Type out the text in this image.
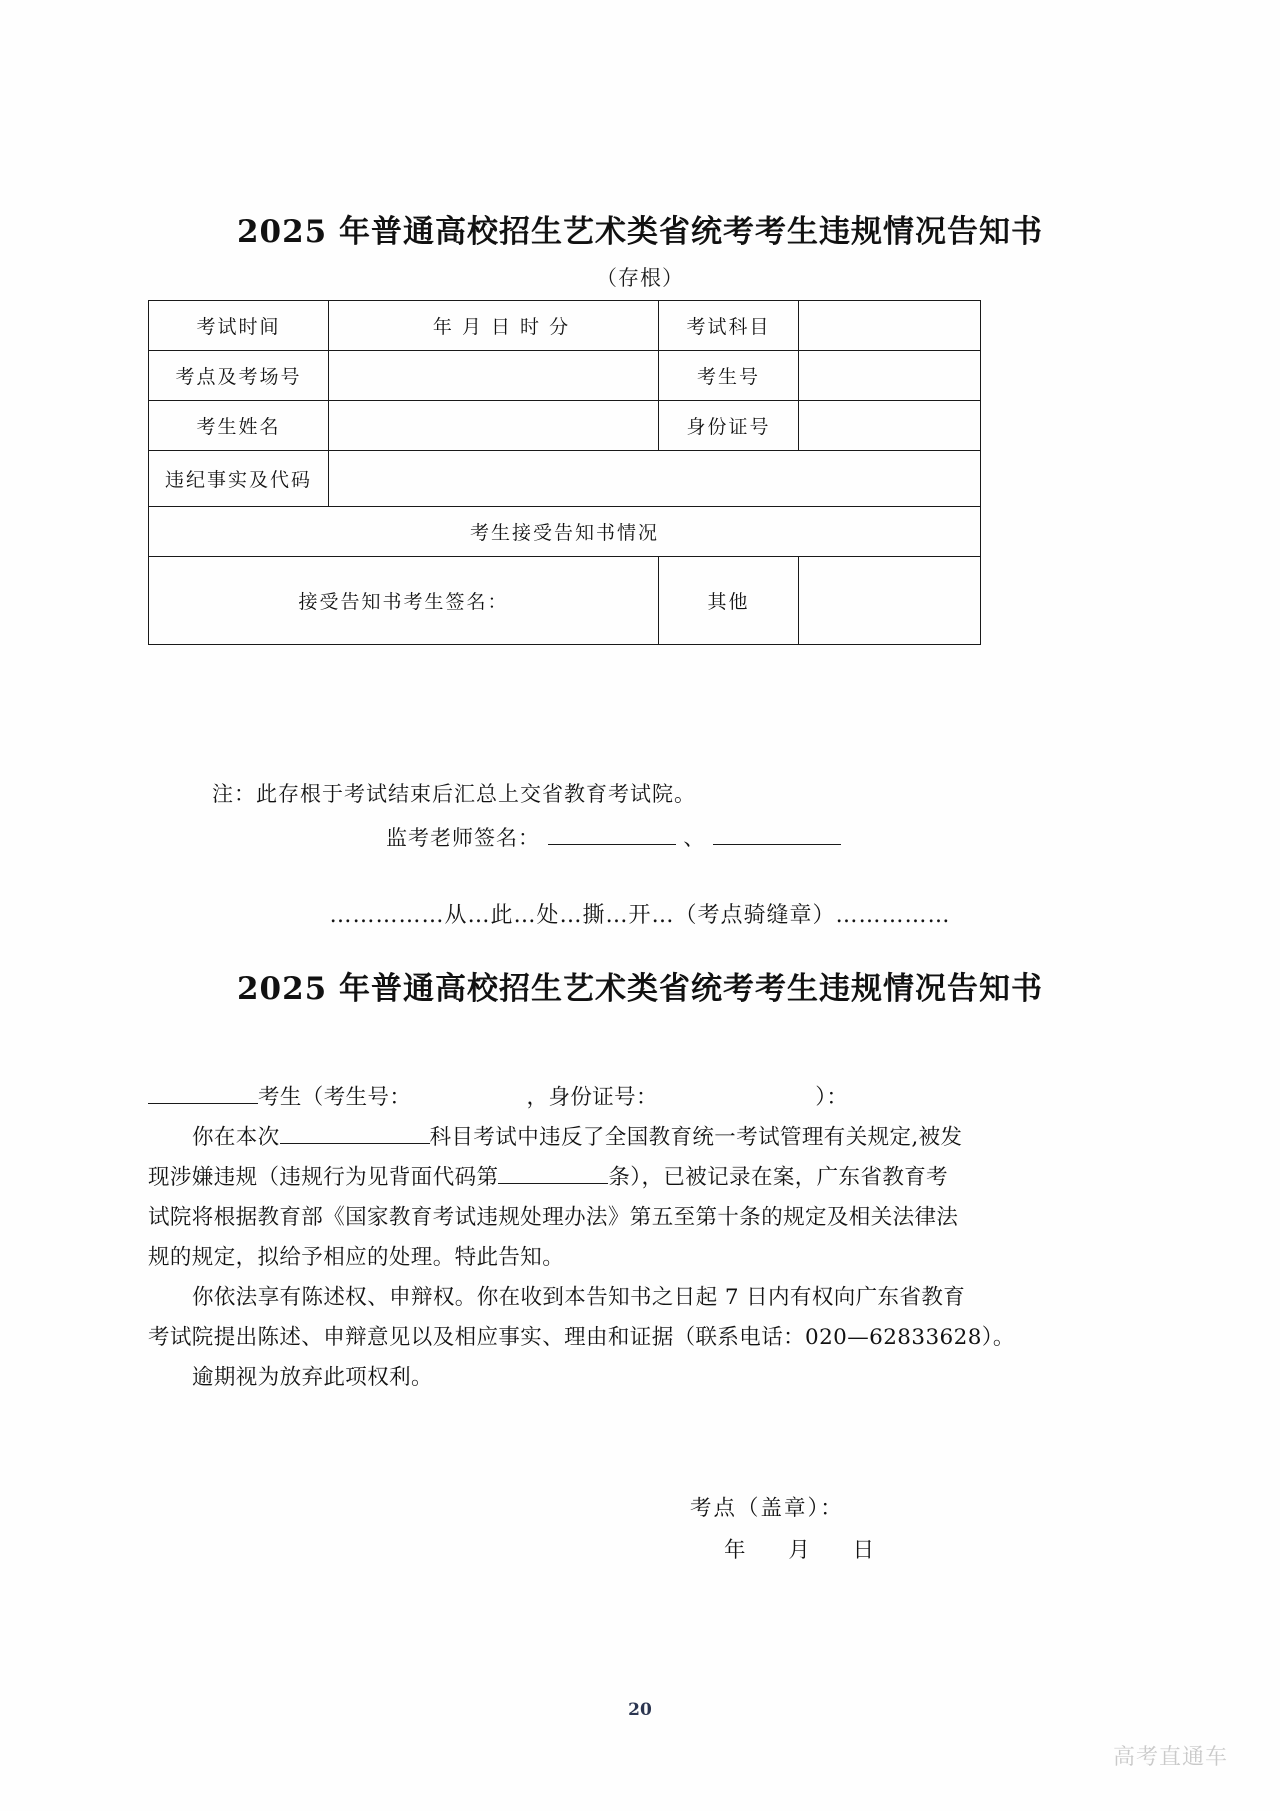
2025 年普通高校招生艺术类省统考考生违规情况告知书
（存根）
考试时间	年 月 日 时 分	考试科目	
考点及考场号		考生号	
考生姓名		身份证号	
违纪事实及代码			
考生接受告知书情况			
接受告知书考生签名：		其他	
注：此存根于考试结束后汇总上交省教育考试院。
监考老师签名：	、
……………从…此…处…撕…开…（考点骑缝章）……………
2025 年普通高校招生艺术类省统考考生违规情况告知书
考生（考生号：	，身份证号：	）：
你在本次	科目考试中违反了全国教育统一考试管理有关规定,被发
现涉嫌违规（违规行为见背面代码第	条），已被记录在案，广东省教育考
试院将根据教育部《国家教育考试违规处理办法》第五至第十条的规定及相关法律法
规的规定，拟给予相应的处理。特此告知。
你依法享有陈述权、申辩权。你在收到本告知书之日起 7 日内有权向广东省教育
考试院提出陈述、申辩意见以及相应事实、理由和证据（联系电话：020—62833628）。
逾期视为放弃此项权利。
考点（盖章）：
年 月 日
20
高考直通车
